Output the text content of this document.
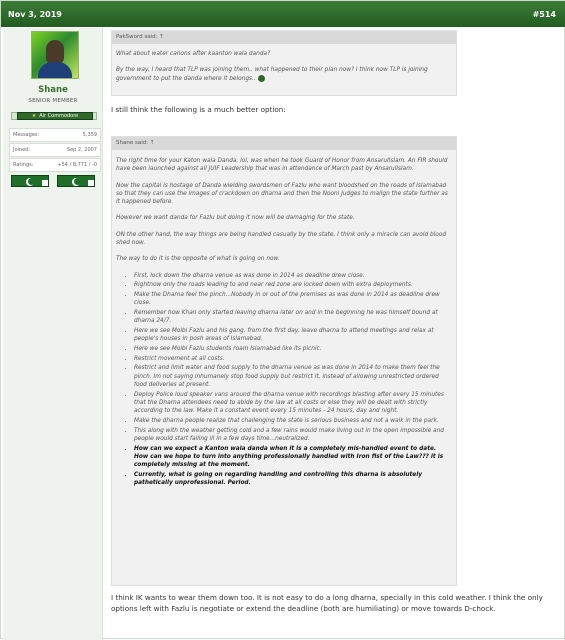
Nov 3, 2019	#514
Shane
SENIOR MEMBER
★ Air Commodore
Messages:	5,359
Joined:	Sep 2, 2007
Ratings:	+54 / 8,771 / -0
PakSword said: ↑

What about water canons after kaanton wala danda?

By the way, I heard that TLP was joining them.. what happened to their plan now? I think now TLP is joining government to put the danda where it belongs..

I still think the following is a much better option:
Shane said: ↑

The right time for your Katon wala Danda, lol, was when he took Guard of Honor from AnsarulIslam. An FIR should have been launched against all JUIF Leadership that was in attendance of March past by AnsarulIslam.

Now the capital is hostage of Danda wielding swordsmen of Fazlu who want bloodshed on the roads of Islamabad so that they can use the images of crackdown on dharna and then the Nooni Judges to malign the state further as it happened before.

However we want danda for Fazlu but doing it now will be damaging for the state.

ON the other hand, the way things are being handled casually by the state, I think only a miracle can avoid blood shed now.

The way to do it is the opposite of what is going on now.

• First, lock down the dharna venue as was done in 2014 as deadline drew close.
• Rightnow only the roads leading to and near red zone are locked down with extra deployments.
• Make the Dharna feel the pinch...Nobody in or out of the premises as was done in 2014 as deadline drew close.
• Remember how Khan only started leaving dharna later on and in the beginning he was himself bound at dharna 24/7.
• Here we see Molbi Fazlu and his gang, from the first day, leave dharna to attend meetings and relax at people's houses in posh areas of Islamabad.
• Here we see Molbi Fazlu students roam Islamabad like its picnic.
• Restrict movement at all costs.
• Restrict and limit water and food supply to the dharna venue as was done in 2014 to make them feel the pinch. Im not saying inhumanely stop food supply but restrict it, instead of allowing unrestricted ordered food deliveries at present.
• Deploy Police loud speaker vans around the dharna venue with recordings blasting after every 15 minutes that the Dharna attendees need to abide by the law at all costs or else they will be dealt with strictly according to the law. Make it a constant event every 15 minutes - 24 hours, day and night.
• Make the dharna people realize that challenging the state is serious business and not a walk in the park.
• This along with the weather getting cold and a few rains would make living out in the open impossible and people would start falling ill in a few days time...neutralized.
• How can we expect a Kanton wala danda when it is a completely mis-handled event to date. How can we hope to turn into anything professionally handled with Iron fist of the Law??? it is completely missing at the moment.
• Currently, what is going on regarding handling and controlling this dharna is absolutely pathetically unprofessional. Period.
I think IK wants to wear them down too. It is not easy to do a long dharna, specially in this cold weather. I think the only options left with Fazlu is negotiate or extend the deadline (both are humiliating) or move towards D-chock.
